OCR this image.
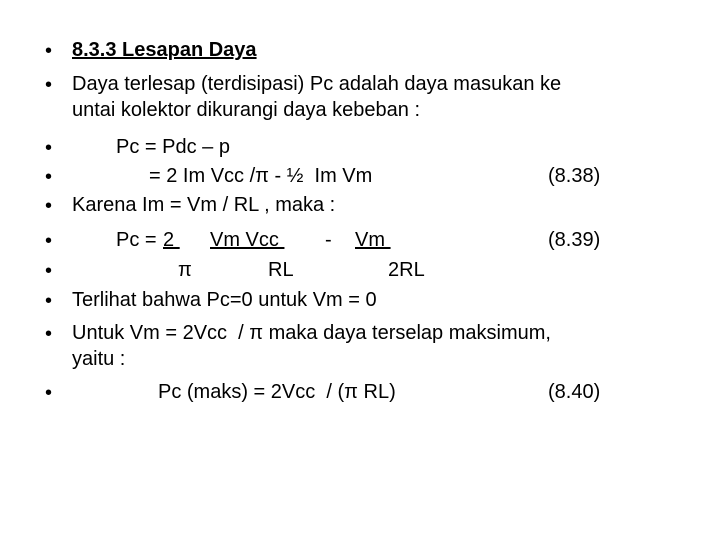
• 8.3.3 Lesapan Daya
• Daya terlesap (terdisipasi) Pc adalah daya masukan ke
untai kolektor dikurangi daya kebeban :
•	Pc = Pdc – p
•	= 2 Im Vcc /π - ½  Im Vm	(8.38)
• Karena Im = Vm / RL , maka :
•	Pc = 2 Vm Vcc - Vm	(8.39)
•	π	RL	2RL
• Terlihat bahwa Pc=0 untuk Vm = 0
• Untuk Vm = 2Vcc  / π maka daya terselap maksimum,
yaitu :
•	Pc (maks) = 2Vcc  / (π RL)	(8.40)
